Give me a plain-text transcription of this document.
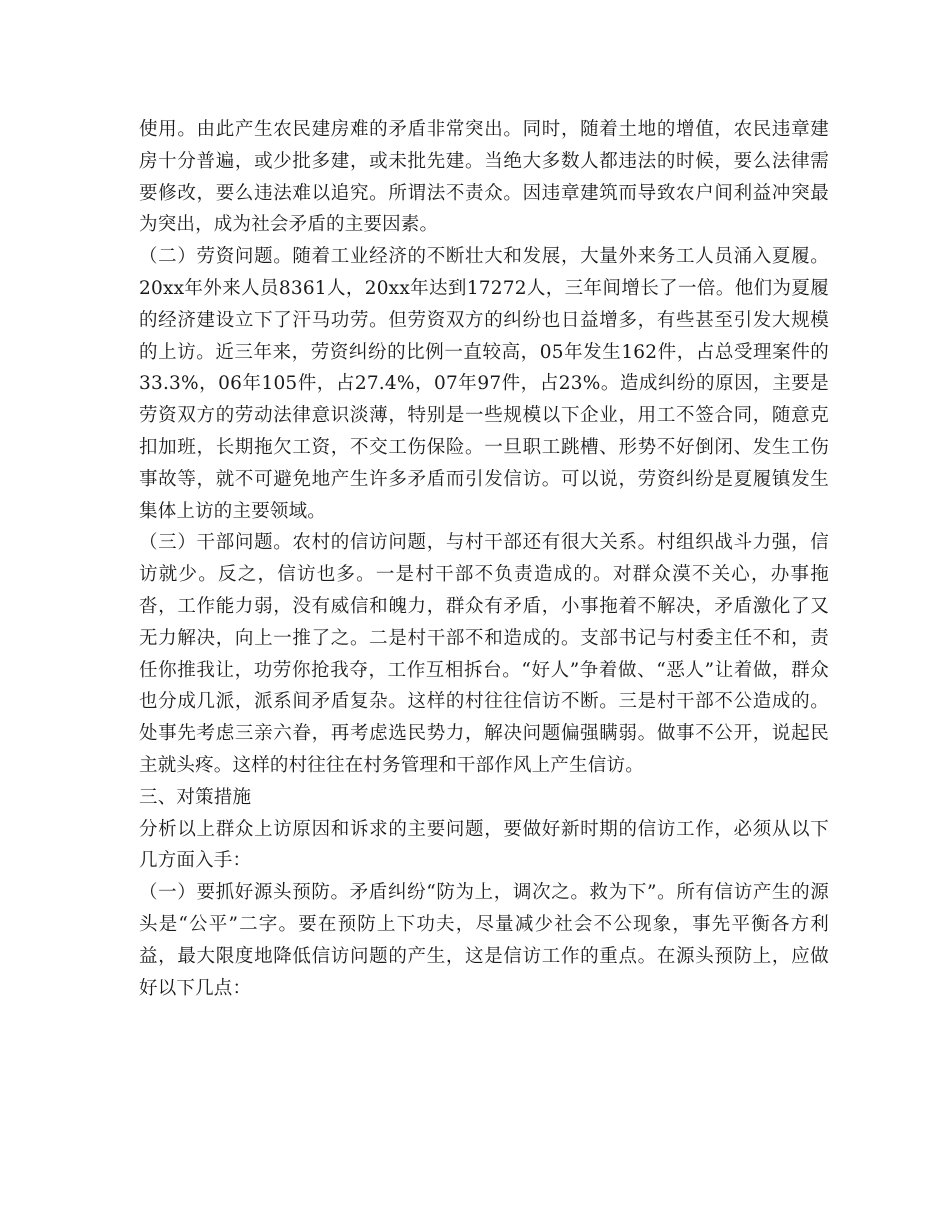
使用。由此产生农民建房难的矛盾非常突出。同时，随着土地的增值，农民违章建房十分普遍，或少批多建，或未批先建。当绝大多数人都违法的时候，要么法律需要修改，要么违法难以追究。所谓法不责众。因违章建筑而导致农户间利益冲突最为突出，成为社会矛盾的主要因素。

（二）劳资问题。随着工业经济的不断壮大和发展，大量外来务工人员涌入夏履。20xx年外来人员8361人，20xx年达到17272人，三年间增长了一倍。他们为夏履的经济建设立下了汗马功劳。但劳资双方的纠纷也日益增多，有些甚至引发大规模的上访。近三年来，劳资纠纷的比例一直较高，05年发生162件，占总受理案件的33.3%，06年105件，占27.4%，07年97件，占23%。造成纠纷的原因，主要是劳资双方的劳动法律意识淡薄，特别是一些规模以下企业，用工不签合同，随意克扣加班，长期拖欠工资，不交工伤保险。一旦职工跳槽、形势不好倒闭、发生工伤事故等，就不可避免地产生许多矛盾而引发信访。可以说，劳资纠纷是夏履镇发生集体上访的主要领域。

（三）干部问题。农村的信访问题，与村干部还有很大关系。村组织战斗力强，信访就少。反之，信访也多。一是村干部不负责造成的。对群众漠不关心，办事拖沓，工作能力弱，没有威信和魄力，群众有矛盾，小事拖着不解决，矛盾激化了又无力解决，向上一推了之。二是村干部不和造成的。支部书记与村委主任不和，责任你推我让，功劳你抢我夺，工作互相拆台。“好人”争着做、“恶人”让着做，群众也分成几派，派系间矛盾复杂。这样的村往往信访不断。三是村干部不公造成的。处事先考虑三亲六眷，再考虑选民势力，解决问题偏强瞒弱。做事不公开，说起民主就头疼。这样的村往往在村务管理和干部作风上产生信访。

三、对策措施

分析以上群众上访原因和诉求的主要问题，要做好新时期的信访工作，必须从以下几方面入手：

（一）要抓好源头预防。矛盾纠纷“防为上，调次之。救为下”。所有信访产生的源头是“公平”二字。要在预防上下功夫，尽量减少社会不公现象，事先平衡各方利益，最大限度地降低信访问题的产生，这是信访工作的重点。在源头预防上，应做好以下几点：
